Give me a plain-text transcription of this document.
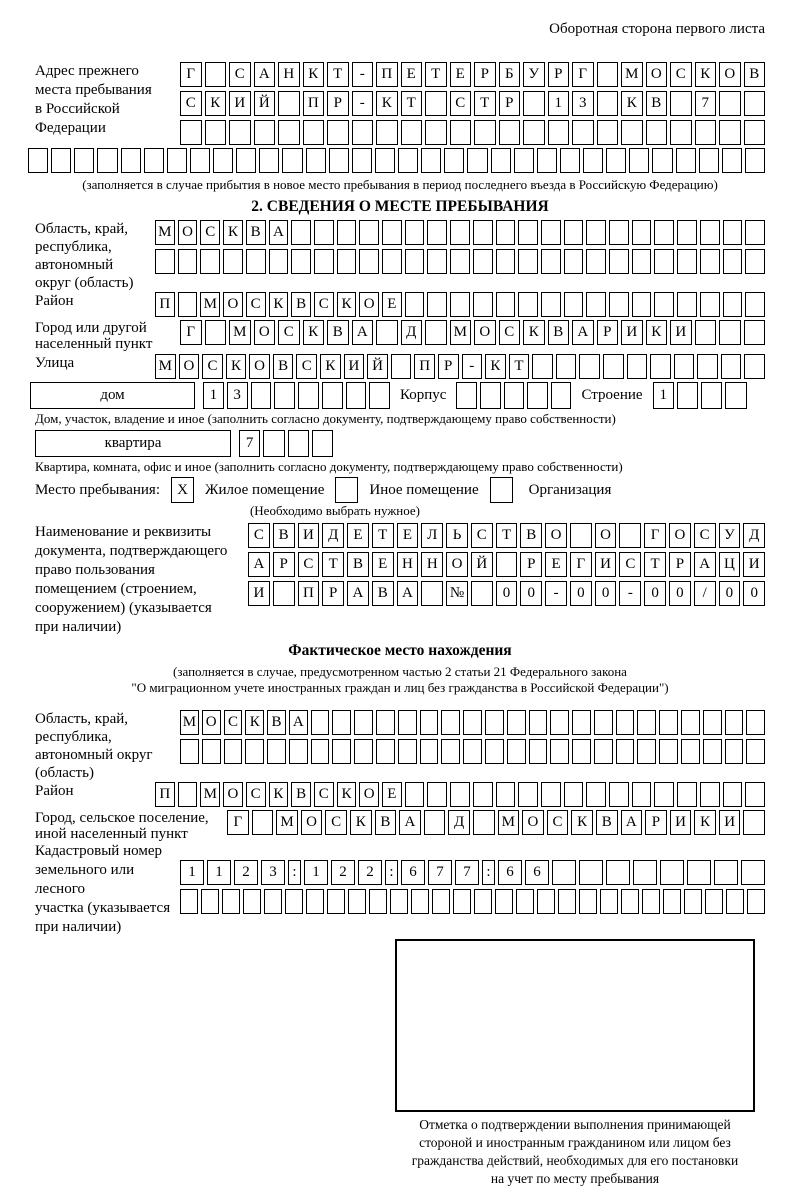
Оборотная сторона первого листа
Адрес прежнего
места пребывания
в Российской
Федерации
Г	С А Н К Т	-	П Е	Т	Е	Р	Б У	Р	Г	М О С К О В
С К И Й	П Р	-	К Т	С Т	Р	1	3	К В	7
(заполняется в случае прибытия в новое место пребывания в период последнего въезда в Российскую Федерацию)
2. СВЕДЕНИЯ О МЕСТЕ ПРЕБЫВАНИЯ
Область, край,
республика,
автономный
округ (область)
М О С К В А
Район	П М О С К В С К О Е
Город или другой
населенный пункт
Г	М О С К В А	Д	М О С К В А Р И К И
Улица	М О С К О В С К И Й	П Р	-	К Т
дом	1	3	Корпус	Строение	1
Дом, участок, владение и иное (заполнить согласно документу, подтверждающему право собственности)
квартира	7
Квартира, комната, офис и иное (заполнить согласно документу, подтверждающему право собственности)
Место пребывания:	X	Жилое помещение	Иное помещение	Организация
(Необходимо выбрать нужное)
Наименование и реквизиты
документа, подтверждающего
право пользования
помещением (строением,
сооружением) (указывается
при наличии)
С В И Д	Е	Т	Е	Л	Ь	С	Т	В О	О	Г	О С У Д
А	Р	С	Т	В	Е Н Н О Й	Р	Е	Г	И С	Т	Р	А Ц И
И	П	Р	А В А	№	0	0	-	0	0	-	0	0	/	0	0
Фактическое место нахождения
(заполняется в случае, предусмотренном частью 2 статьи 21 Федерального закона
"О миграционном учете иностранных граждан и лиц без гражданства в Российской Федерации")
Область, край,
республика,
автономный округ
(область)
М О С К В А
Район	П М О С К В С К О Е
Город, сельское поселение,
иной населенный пункт
Г	М О С К В А	Д	М О С К В А	Р	И К И
Кадастровый номер
земельного или лесного
участка (указывается
при наличии)
1	1	2	3	:	1	2	2	:	6	7	7	:	6	6
Отметка о подтверждении выполнения принимающей
стороной и иностранным гражданином или лицом без
гражданства действий, необходимых для его постановки
на учет по месту пребывания
